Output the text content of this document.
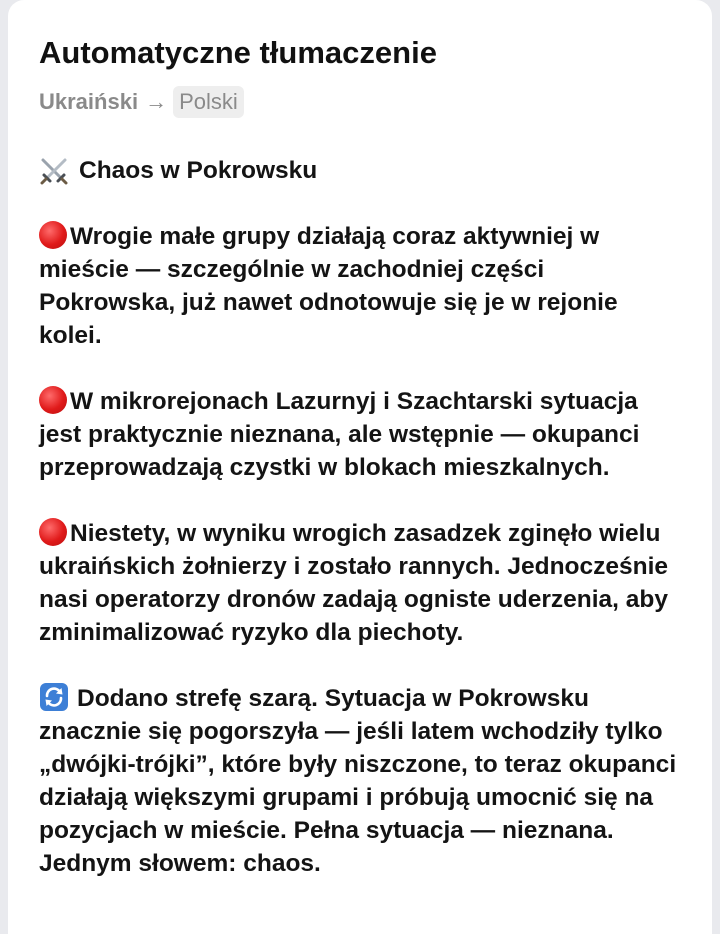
Automatyczne tłumaczenie
Ukraiński → Polski
Chaos w Pokrowsku

Wrogie małe grupy działają coraz aktywniej w mieście — szczególnie w zachodniej części Pokrowska, już nawet odnotowuje się je w rejonie kolei.

W mikrorejonach Lazurnyj i Szachtarski sytuacja jest praktycznie nieznana, ale wstępnie — okupanci przeprowadzają czystki w blokach mieszkalnych.

Niestety, w wyniku wrogich zasadzek zginęło wielu ukraińskich żołnierzy i zostało rannych. Jednocześnie nasi operatorzy dronów zadają ogniste uderzenia, aby zminimalizować ryzyko dla piechoty.

Dodano strefę szarą. Sytuacja w Pokrowsku znacznie się pogorszyła — jeśli latem wchodziły tylko „dwójki-trójki”, które były niszczone, to teraz okupanci działają większymi grupami i próbują umocnić się na pozycjach w mieście. Pełna sytuacja — nieznana. Jednym słowem: chaos.
